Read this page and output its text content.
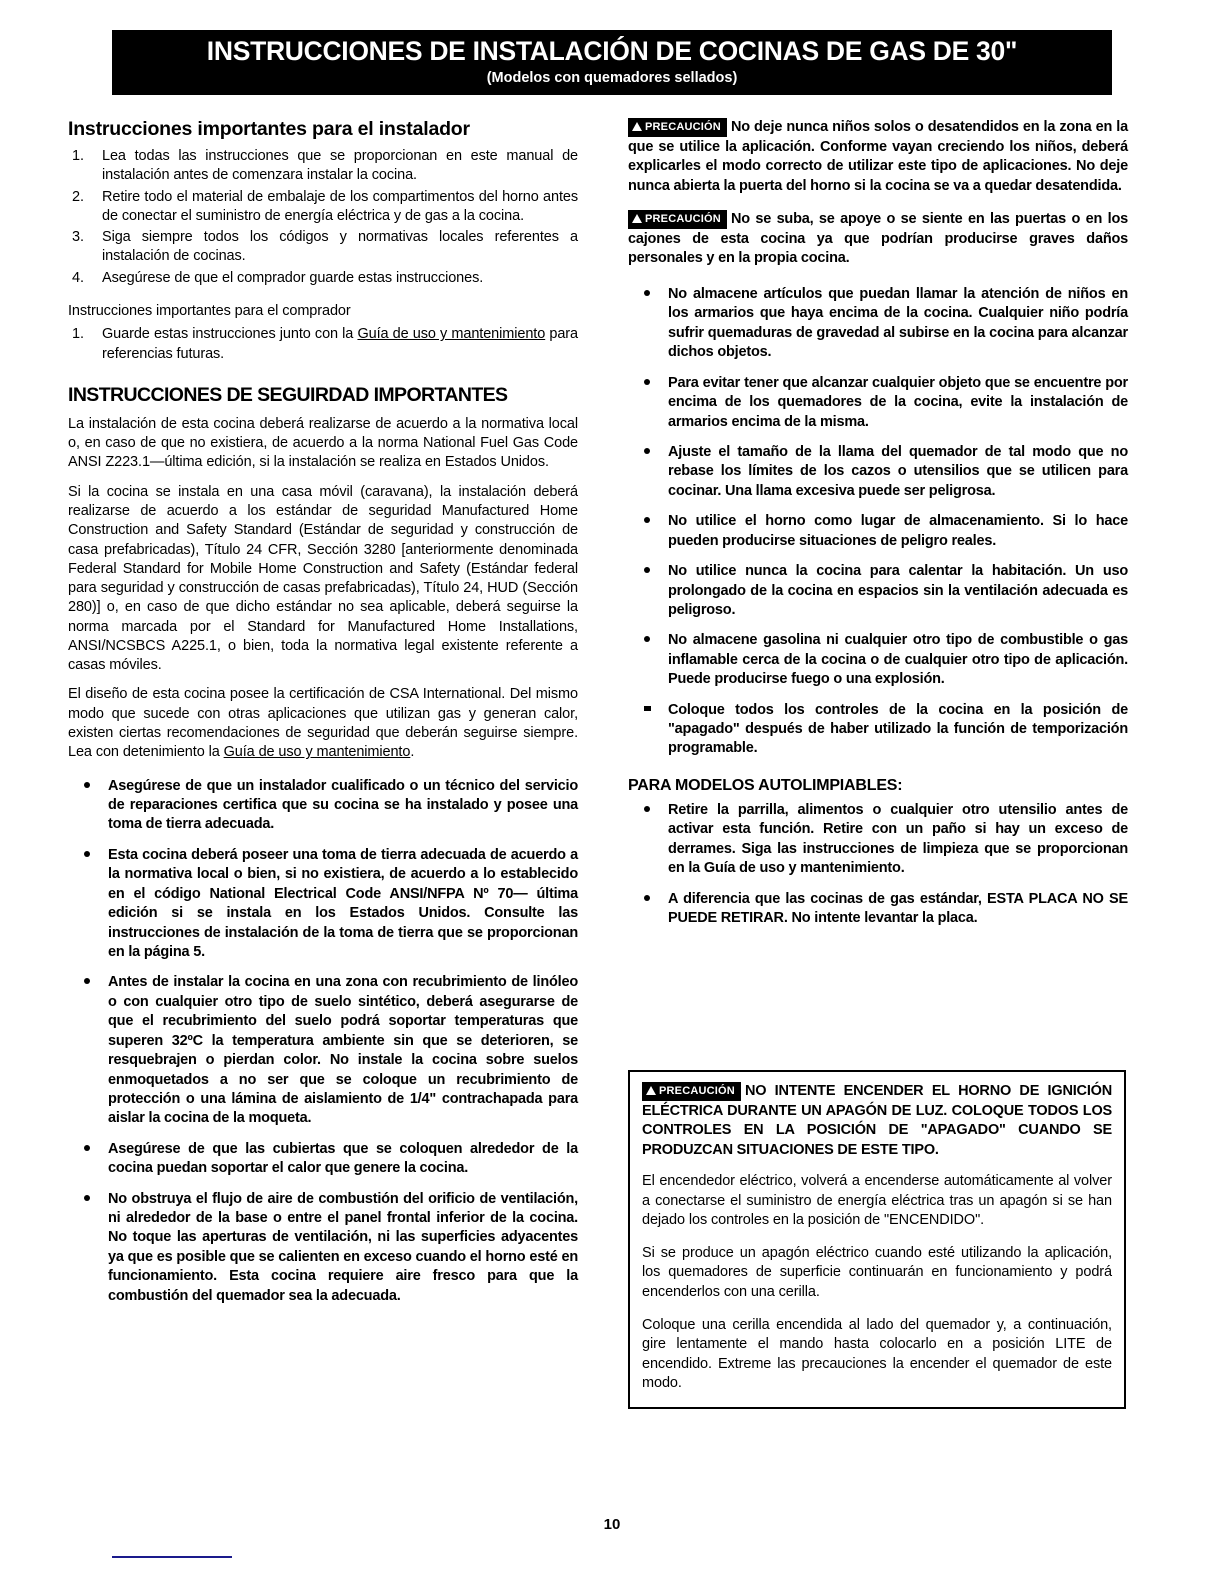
INSTRUCCIONES DE INSTALACIÓN DE COCINAS DE GAS DE 30"
(Modelos con quemadores sellados)
Instrucciones importantes para el instalador
1. Lea todas las instrucciones que se proporcionan en este manual de instalación antes de comenzara instalar la cocina.
2. Retire todo el material de embalaje de los compartimentos del horno antes de conectar el suministro de energía eléctrica y de gas a la cocina.
3. Siga siempre todos los códigos y normativas locales referentes a instalación de cocinas.
4. Asegúrese de que el comprador guarde estas instrucciones.

Instrucciones importantes para el comprador

1. Guarde estas instrucciones junto con la Guía de uso y mantenimiento para referencias futuras.
INSTRUCCIONES DE SEGUIRDAD IMPORTANTES

La instalación de esta cocina deberá realizarse de acuerdo a la normativa local o, en caso de que no existiera, de acuerdo a la norma National Fuel Gas Code ANSI Z223.1—última edición, si la instalación se realiza en Estados Unidos.

Si la cocina se instala en una casa móvil (caravana), la instalación deberá realizarse de acuerdo a los estándar de seguridad Manufactured Home Construction and Safety Standard (Estándar de seguridad y construcción de casa prefabricadas), Título 24 CFR, Sección 3280 [anteriormente denominada Federal Standard for Mobile Home Construction and Safety (Estándar federal para seguridad y construcción de casas prefabricadas), Título 24, HUD (Sección 280)] o, en caso de que dicho estándar no sea aplicable, deberá seguirse la norma marcada por el Standard for Manufactured Home Installations, ANSI/NCSBCS A225.1, o bien, toda la normativa legal existente referente a casas móviles.

El diseño de esta cocina posee la certificación de CSA International. Del mismo modo que sucede con otras aplicaciones que utilizan gas y generan calor, existen ciertas recomendaciones de seguridad que deberán seguirse siempre. Lea con detenimiento la Guía de uso y mantenimiento.

Asegúrese de que un instalador cualificado o un técnico del servicio de reparaciones certifica que su cocina se ha instalado y posee una toma de tierra adecuada.
Esta cocina deberá poseer una toma de tierra adecuada de acuerdo a la normativa local o bien, si no existiera, de acuerdo a lo establecido en el código National Electrical Code ANSI/NFPA Nº 70— última edición si se instala en los Estados Unidos. Consulte las instrucciones de instalación de la toma de tierra que se proporcionan en la página 5.
Antes de instalar la cocina en una zona con recubrimiento de linóleo o con cualquier otro tipo de suelo sintético, deberá asegurarse de que el recubrimiento del suelo podrá soportar temperaturas que superen 32ºC la temperatura ambiente sin que se deterioren, se resquebrajen o pierdan color. No instale la cocina sobre suelos enmoquetados a no ser que se coloque un recubrimiento de protección o una lámina de aislamiento de 1/4" contrachapada para aislar la cocina de la moqueta.
Asegúrese de que las cubiertas que se coloquen alrededor de la cocina puedan soportar el calor que genere la cocina.
No obstruya el flujo de aire de combustión del orificio de ventilación, ni alrededor de la base o entre el panel frontal inferior de la cocina. No toque las aperturas de ventilación, ni las superficies adyacentes ya que es posible que se calienten en exceso cuando el horno esté en funcionamiento. Esta cocina requiere aire fresco para que la combustión del quemador sea la adecuada.

PRECAUCIÓN No deje nunca niños solos o desatendidos en la zona en la que se utilice la aplicación. Conforme vayan creciendo los niños, deberá explicarles el modo correcto de utilizar este tipo de aplicaciones. No deje nunca abierta la puerta del horno si la cocina se va a quedar desatendida.

PRECAUCIÓN No se suba, se apoye o se siente en las puertas o en los cajones de esta cocina ya que podrían producirse graves daños personales y en la propia cocina.

No almacene artículos que puedan llamar la atención de niños en los armarios que haya encima de la cocina. Cualquier niño podría sufrir quemaduras de gravedad al subirse en la cocina para alcanzar dichos objetos.
Para evitar tener que alcanzar cualquier objeto que se encuentre por encima de los quemadores de la cocina, evite la instalación de armarios encima de la misma.
Ajuste el tamaño de la llama del quemador de tal modo que no rebase los límites de los cazos o utensilios que se utilicen para cocinar. Una llama excesiva puede ser peligrosa.
No utilice el horno como lugar de almacenamiento. Si lo hace pueden producirse situaciones de peligro reales.
No utilice nunca la cocina para calentar la habitación. Un uso prolongado de la cocina en espacios sin la ventilación adecuada es peligroso.
No almacene gasolina ni cualquier otro tipo de combustible o gas inflamable cerca de la cocina o de cualquier otro tipo de aplicación. Puede producirse fuego o una explosión.
Coloque todos los controles de la cocina en la posición de "apagado" después de haber utilizado la función de temporización programable.
PARA MODELOS AUTOLIMPIABLES:
Retire la parrilla, alimentos o cualquier otro utensilio antes de activar esta función. Retire con un paño si hay un exceso de derrames. Siga las instrucciones de limpieza que se proporcionan en la Guía de uso y mantenimiento.
A diferencia que las cocinas de gas estándar, ESTA PLACA NO SE PUEDE RETIRAR. No intente levantar la placa.

PRECAUCIÓN NO INTENTE ENCENDER EL HORNO DE IGNICIÓN ELÉCTRICA DURANTE UN APAGÓN DE LUZ. COLOQUE TODOS LOS CONTROLES EN LA POSICIÓN DE "APAGADO" CUANDO SE PRODUZCAN SITUACIONES DE ESTE TIPO.

El encendedor eléctrico, volverá a encenderse automáticamente al volver a conectarse el suministro de energía eléctrica tras un apagón si se han dejado los controles en la posición de "ENCENDIDO".

Si se produce un apagón eléctrico cuando esté utilizando la aplicación, los quemadores de superficie continuarán en funcionamiento y podrá encenderlos con una cerilla.

Coloque una cerilla encendida al lado del quemador y, a continuación, gire lentamente el mando hasta colocarlo en a posición LITE de encendido. Extreme las precauciones la encender el quemador de este modo.

10
